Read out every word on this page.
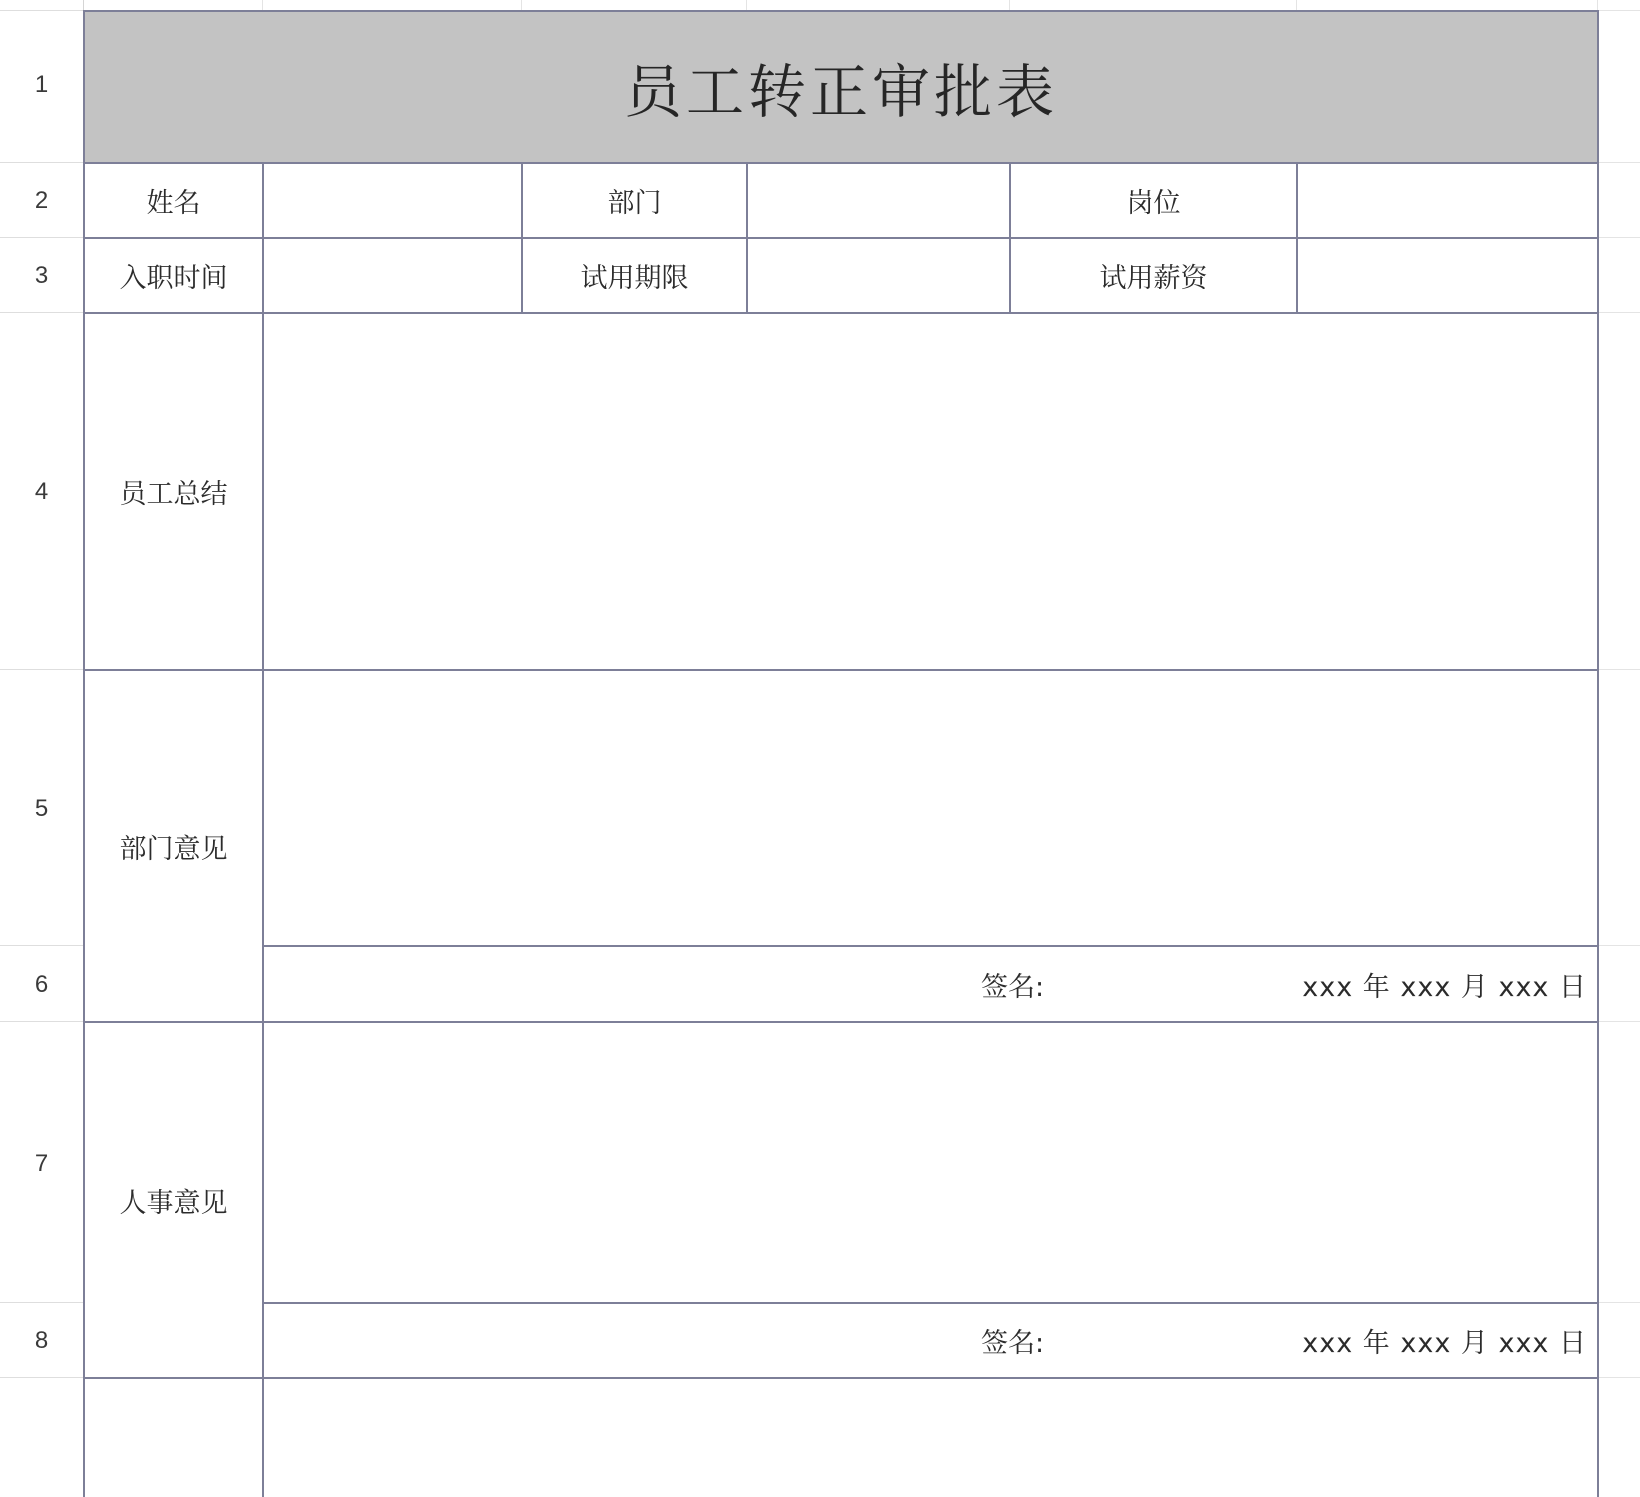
1
2
3
4
5
6
7
8
员工转正审批表
姓名	部门	岗位
入职时间	试用期限	试用薪资
员工总结
部门意见
签名:	xxx 年 xxx 月 xxx 日
人事意见
签名:	xxx 年 xxx 月 xxx 日
